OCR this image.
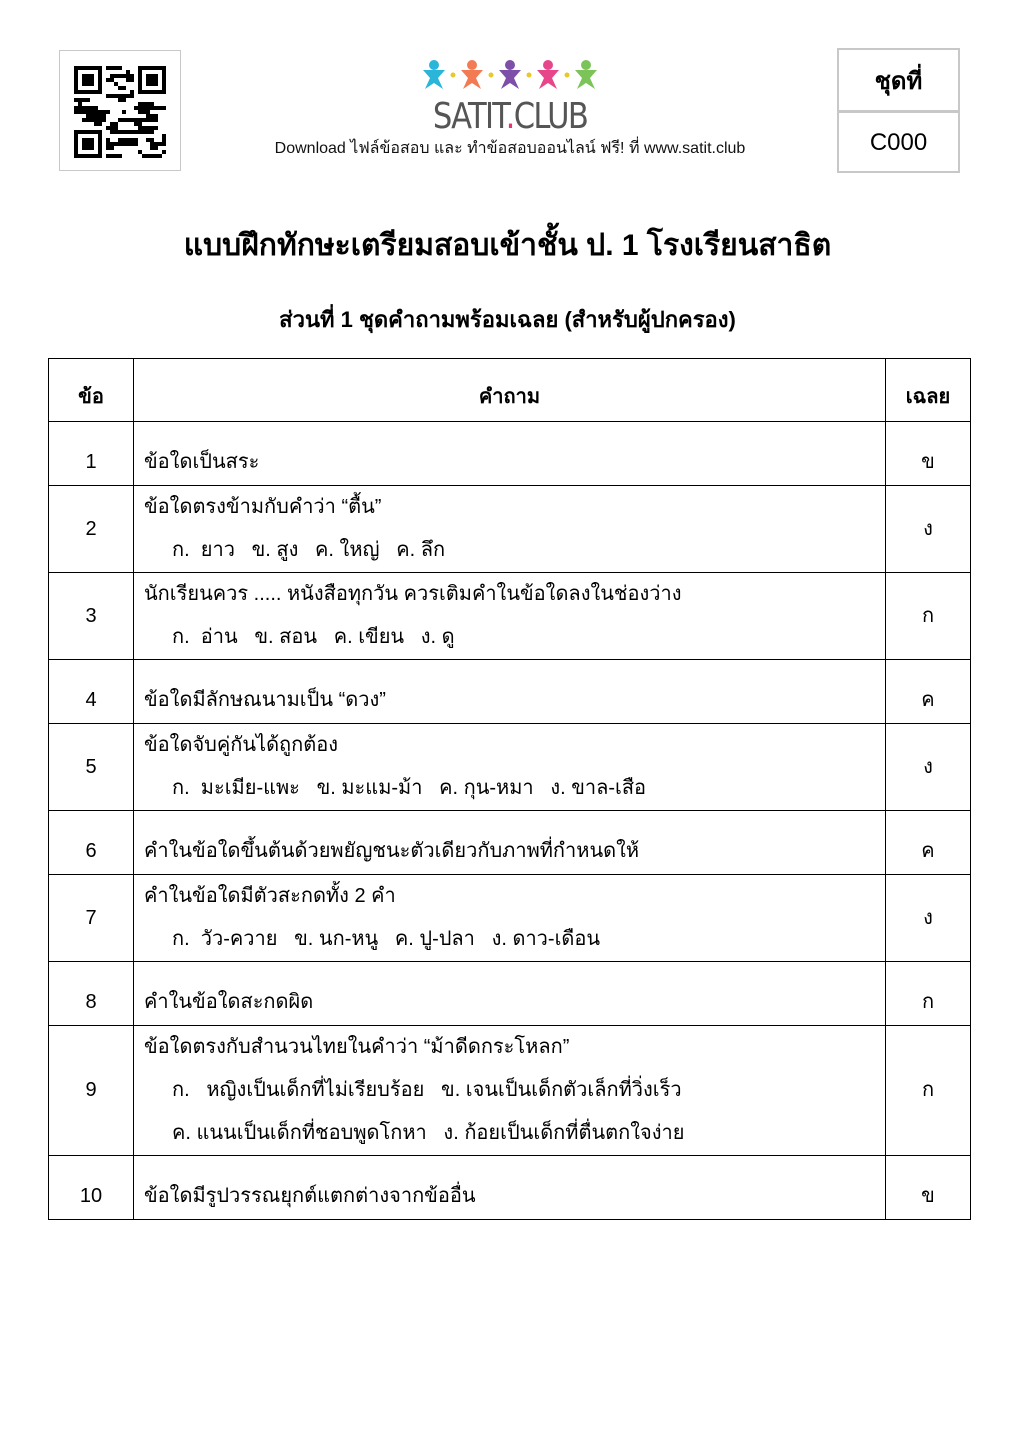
SATIT.CLUB
Download ไฟล์ข้อสอบ และ ทำข้อสอบออนไลน์ ฟรี! ที่ www.satit.club
ชุดที่
C000
แบบฝึกทักษะเตรียมสอบเข้าชั้น ป. 1 โรงเรียนสาธิต
ส่วนที่ 1 ชุดคำถามพร้อมเฉลย (สำหรับผู้ปกครอง)
ข้อ	คำถาม	เฉลย
1	ข้อใดเป็นสระ	ข
2	ข้อใดตรงข้ามกับคำว่า “ตื้น”
ก.  ยาว   ข. สูง   ค. ใหญ่   ค. ลึก	ง
3	นักเรียนควร ..... หนังสือทุกวัน ควรเติมคำในข้อใดลงในช่องว่าง
ก.  อ่าน   ข. สอน   ค. เขียน   ง. ดู	ก
4	ข้อใดมีลักษณนามเป็น “ดวง”	ค
5	ข้อใดจับคู่กันได้ถูกต้อง
ก.  มะเมีย-แพะ   ข. มะแม-ม้า   ค. กุน-หมา   ง. ขาล-เสือ	ง
6	คำในข้อใดขึ้นต้นด้วยพยัญชนะตัวเดียวกับภาพที่กำหนดให้	ค
7	คำในข้อใดมีตัวสะกดทั้ง 2 คำ
ก.  วัว-ควาย   ข. นก-หนู   ค. ปู-ปลา   ง. ดาว-เดือน	ง
8	คำในข้อใดสะกดผิด	ก
9	ข้อใดตรงกับสำนวนไทยในคำว่า “ม้าดีดกระโหลก”
ก.   หญิงเป็นเด็กที่ไม่เรียบร้อย   ข. เจนเป็นเด็กตัวเล็กที่วิ่งเร็ว
ค. แนนเป็นเด็กที่ชอบพูดโกหา   ง. ก้อยเป็นเด็กที่ตื่นตกใจง่าย	ก
10	ข้อใดมีรูปวรรณยุกต์แตกต่างจากข้ออื่น	ข
